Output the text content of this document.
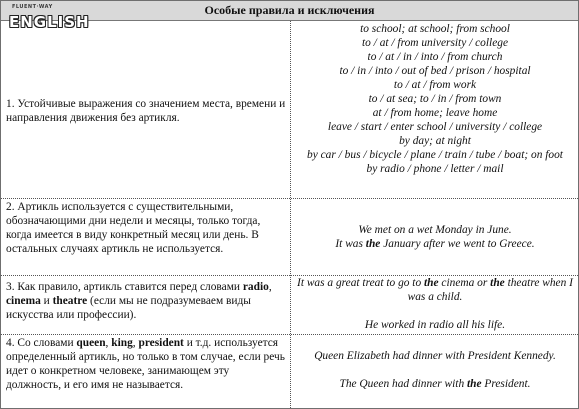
Особые правила и исключения
FLUENT·WAY
ENGLISH
1. Устойчивые выражения со значением места, времени и направления движения без артикля.

to school; at school; from school

to / at / from university / college

to / at / in / into / from church

to / in / into / out of bed / prison / hospital

to / at / from work

to / at sea; to / in / from town

at / from home; leave home

leave / start / enter school / university / college

by day; at night

by car / bus / bicycle / plane / train / tube / boat; on foot

by radio / phone / letter / mail

2. Артикль используется с существительными, обозначающими дни недели и месяцы, только тогда, когда имеется в виду конкретный месяц или день. В остальных случаях артикль не используется.

We met on a wet Monday in June.

It was the January after we went to Greece.

3. Как правило, артикль ставится перед словами radio, cinema и theatre (если мы не подразумеваем виды искусства или профессии).

It was a great treat to go to the cinema or the theatre when I was a child.

He worked in radio all his life.

4. Со словами queen, king, president и т.д. используется определенный артикль, но только в том случае, если речь идет о конкретном человеке, занимающем эту должность, и его имя не называется.

Queen Elizabeth had dinner with President Kennedy.

The Queen had dinner with the President.
